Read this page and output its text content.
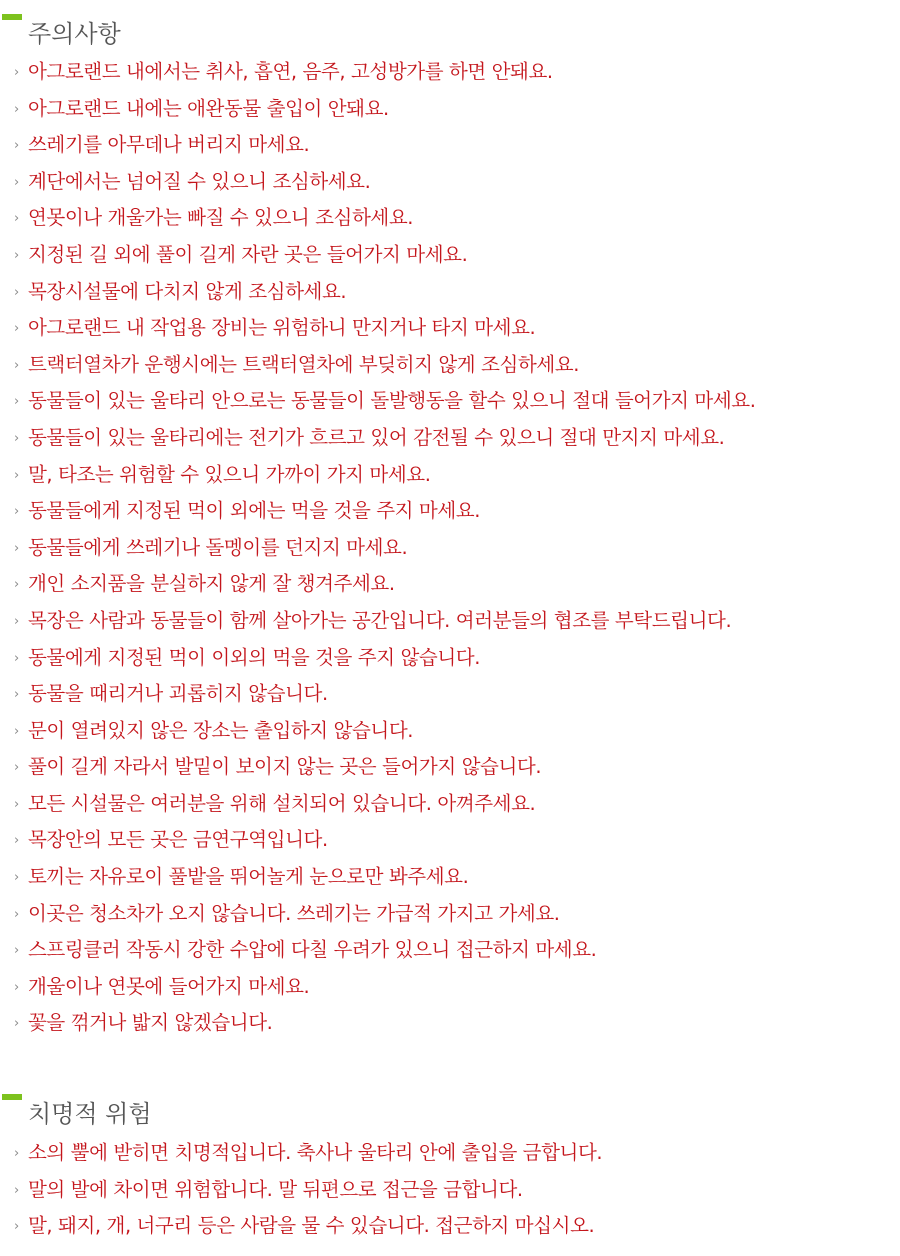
주의사항
› 아그로랜드 내에서는 취사, 흡연, 음주, 고성방가를 하면 안돼요.
› 아그로랜드 내에는 애완동물 출입이 안돼요.
› 쓰레기를 아무데나 버리지 마세요.
› 계단에서는 넘어질 수 있으니 조심하세요.
› 연못이나 개울가는 빠질 수 있으니 조심하세요.
› 지정된 길 외에 풀이 길게 자란 곳은 들어가지 마세요.
› 목장시설물에 다치지 않게 조심하세요.
› 아그로랜드 내 작업용 장비는 위험하니 만지거나 타지 마세요.
› 트랙터열차가 운행시에는 트랙터열차에 부딪히지 않게 조심하세요.
› 동물들이 있는 울타리 안으로는 동물들이 돌발행동을 할수 있으니 절대 들어가지 마세요.
› 동물들이 있는 울타리에는 전기가 흐르고 있어 감전될 수 있으니 절대 만지지 마세요.
› 말, 타조는 위험할 수 있으니 가까이 가지 마세요.
› 동물들에게 지정된 먹이 외에는 먹을 것을 주지 마세요.
› 동물들에게 쓰레기나 돌멩이를 던지지 마세요.
› 개인 소지품을 분실하지 않게 잘 챙겨주세요.
› 목장은 사람과 동물들이 함께 살아가는 공간입니다. 여러분들의 협조를 부탁드립니다.
› 동물에게 지정된 먹이 이외의 먹을 것을 주지 않습니다.
› 동물을 때리거나 괴롭히지 않습니다.
› 문이 열려있지 않은 장소는 출입하지 않습니다.
› 풀이 길게 자라서 발밑이 보이지 않는 곳은 들어가지 않습니다.
› 모든 시설물은 여러분을 위해 설치되어 있습니다. 아껴주세요.
› 목장안의 모든 곳은 금연구역입니다.
› 토끼는 자유로이 풀밭을 뛰어놀게 눈으로만 봐주세요.
› 이곳은 청소차가 오지 않습니다. 쓰레기는 가급적 가지고 가세요.
› 스프링클러 작동시 강한 수압에 다칠 우려가 있으니 접근하지 마세요.
› 개울이나 연못에 들어가지 마세요.
› 꽃을 꺾거나 밟지 않겠습니다.
치명적 위험
› 소의 뿔에 받히면 치명적입니다. 축사나 울타리 안에 출입을 금합니다.
› 말의 발에 차이면 위험합니다. 말 뒤편으로 접근을 금합니다.
› 말, 돼지, 개, 너구리 등은 사람을 물 수 있습니다. 접근하지 마십시오.
